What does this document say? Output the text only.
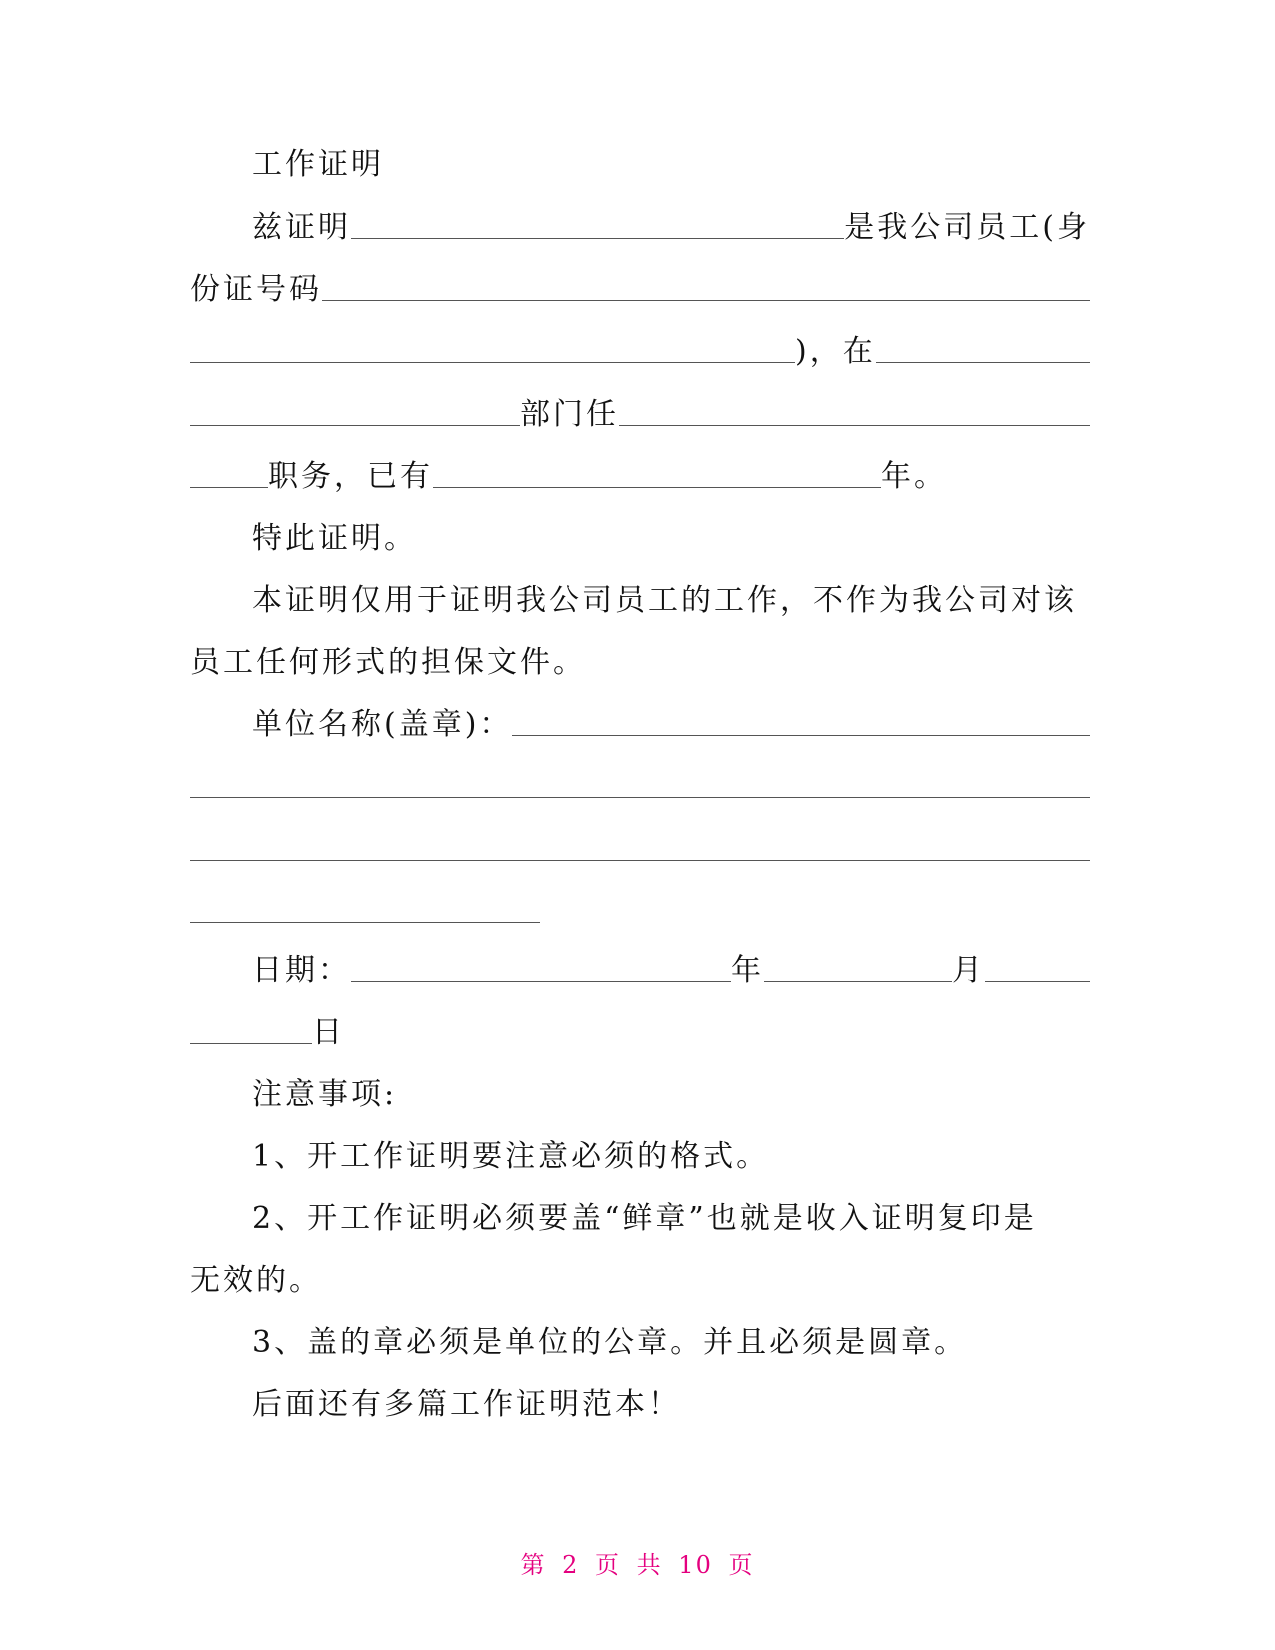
工作证明
兹证明	是我公司员工(身
份证号码
)，在
部门任
职务，已有	年。
特此证明。
本证明仅用于证明我公司员工的工作，不作为我公司对该
员工任何形式的担保文件。
单位名称(盖章)：
日期：	年	月
日
注意事项:
1、开工作证明要注意必须的格式。
2、开工作证明必须要盖“鲜章”也就是收入证明复印是
无效的。
3、盖的章必须是单位的公章。并且必须是圆章。
后面还有多篇工作证明范本！
第 2 页 共 10 页
